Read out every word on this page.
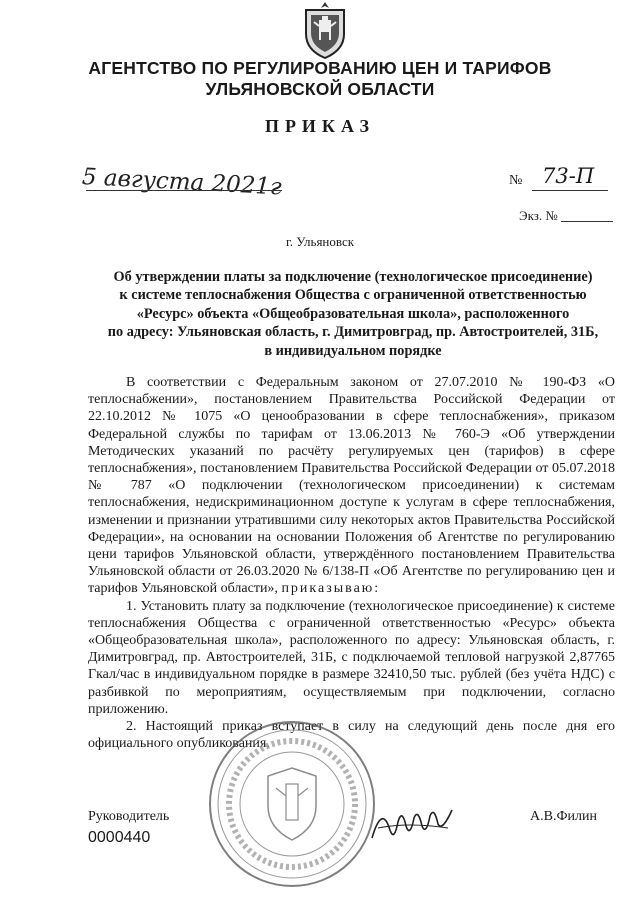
АГЕНТСТВО ПО РЕГУЛИРОВАНИЮ ЦЕН И ТАРИФОВ
УЛЬЯНОВСКОЙ ОБЛАСТИ
ПРИКАЗ
5 августа 2021г	№ 73-П
Экз. №
г. Ульяновск
Об утверждении платы за подключение (технологическое присоединение)
к системе теплоснабжения Общества с ограниченной ответственностью
«Ресурс» объекта «Общеобразовательная школа», расположенного
по адресу: Ульяновская область, г. Димитровград, пр. Автостроителей, 31Б,
в индивидуальном порядке

В соответствии с Федеральным законом от 27.07.2010 № 190-ФЗ «О теплоснабжении», постановлением Правительства Российской Федерации от 22.10.2012 № 1075 «О ценообразовании в сфере теплоснабжения», приказом Федеральной службы по тарифам от 13.06.2013 № 760-Э «Об утверждении Методических указаний по расчёту регулируемых цен (тарифов) в сфере теплоснабжения», постановлением Правительства Российской Федерации от 05.07.2018 № 787 «О подключении (технологическом присоединении) к системам теплоснабжения, недискриминационном доступе к услугам в сфере теплоснабжения, изменении и признании утратившими силу некоторых актов Правительства Российской Федерации», на основании на основании Положения об Агентстве по регулированию цени тарифов Ульяновской области, утверждённого постановлением Правительства Ульяновской области от 26.03.2020 № 6/138-П «Об Агентстве по регулированию цен и тарифов Ульяновской области», приказываю:

1. Установить плату за подключение (технологическое присоединение) к системе теплоснабжения Общества с ограниченной ответственностью «Ресурс» объекта «Общеобразовательная школа», расположенного по адресу: Ульяновская область, г. Димитровград, пр. Автостроителей, 31Б, с подключаемой тепловой нагрузкой 2,87765 Гкал/час в индивидуальном порядке в размере 32410,50 тыс. рублей (без учёта НДС) с разбивкой по мероприятиям, осуществляемым при подключении, согласно приложению.

2. Настоящий приказ вступает в силу на следующий день после дня его официального опубликования.

Руководитель	А.В.Филин
0000440
